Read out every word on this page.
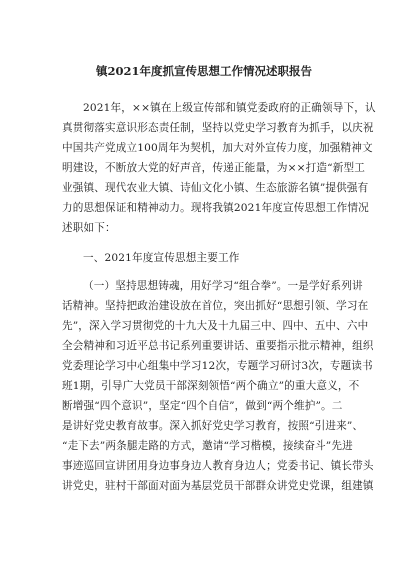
镇2021年度抓宣传思想工作情况述职报告
2021年，××镇在上级宣传部和镇党委政府的正确领导下，认
真贯彻落实意识形态责任制，坚持以党史学习教育为抓手，以庆祝
中国共产党成立100周年为契机，加大对外宣传力度，加强精神文
明建设，不断放大党的好声音，传递正能量，为××打造“新型工
业强镇、现代农业大镇、诗仙文化小镇、生态旅游名镇”提供强有
力的思想保证和精神动力。现将我镇2021年度宣传思想工作情况
述职如下：
一、2021年度宣传思想主要工作
（一）坚持思想铸魂，用好学习“组合拳”。一是学好系列讲
话精神。坚持把政治建设放在首位，突出抓好“思想引领、学习在
先”，深入学习贯彻党的十九大及十九届三中、四中、五中、六中
全会精神和习近平总书记系列重要讲话、重要指示批示精神，组织
党委理论学习中心组集中学习12次，专题学习研讨3次，专题读书
班1期，引导广大党员干部深刻领悟“两个确立”的重大意义，不
断增强“四个意识”，坚定“四个自信”，做到“两个维护”。二
是讲好党史教育故事。深入抓好党史学习教育，按照“引进来”、
“走下去”两条腿走路的方式，邀请“学习楷模，接续奋斗”先进
事迹巡回宣讲团用身边事身边人教育身边人；党委书记、镇长带头
讲党史，驻村干部面对面为基层党员干部群众讲党史党课，组建镇
